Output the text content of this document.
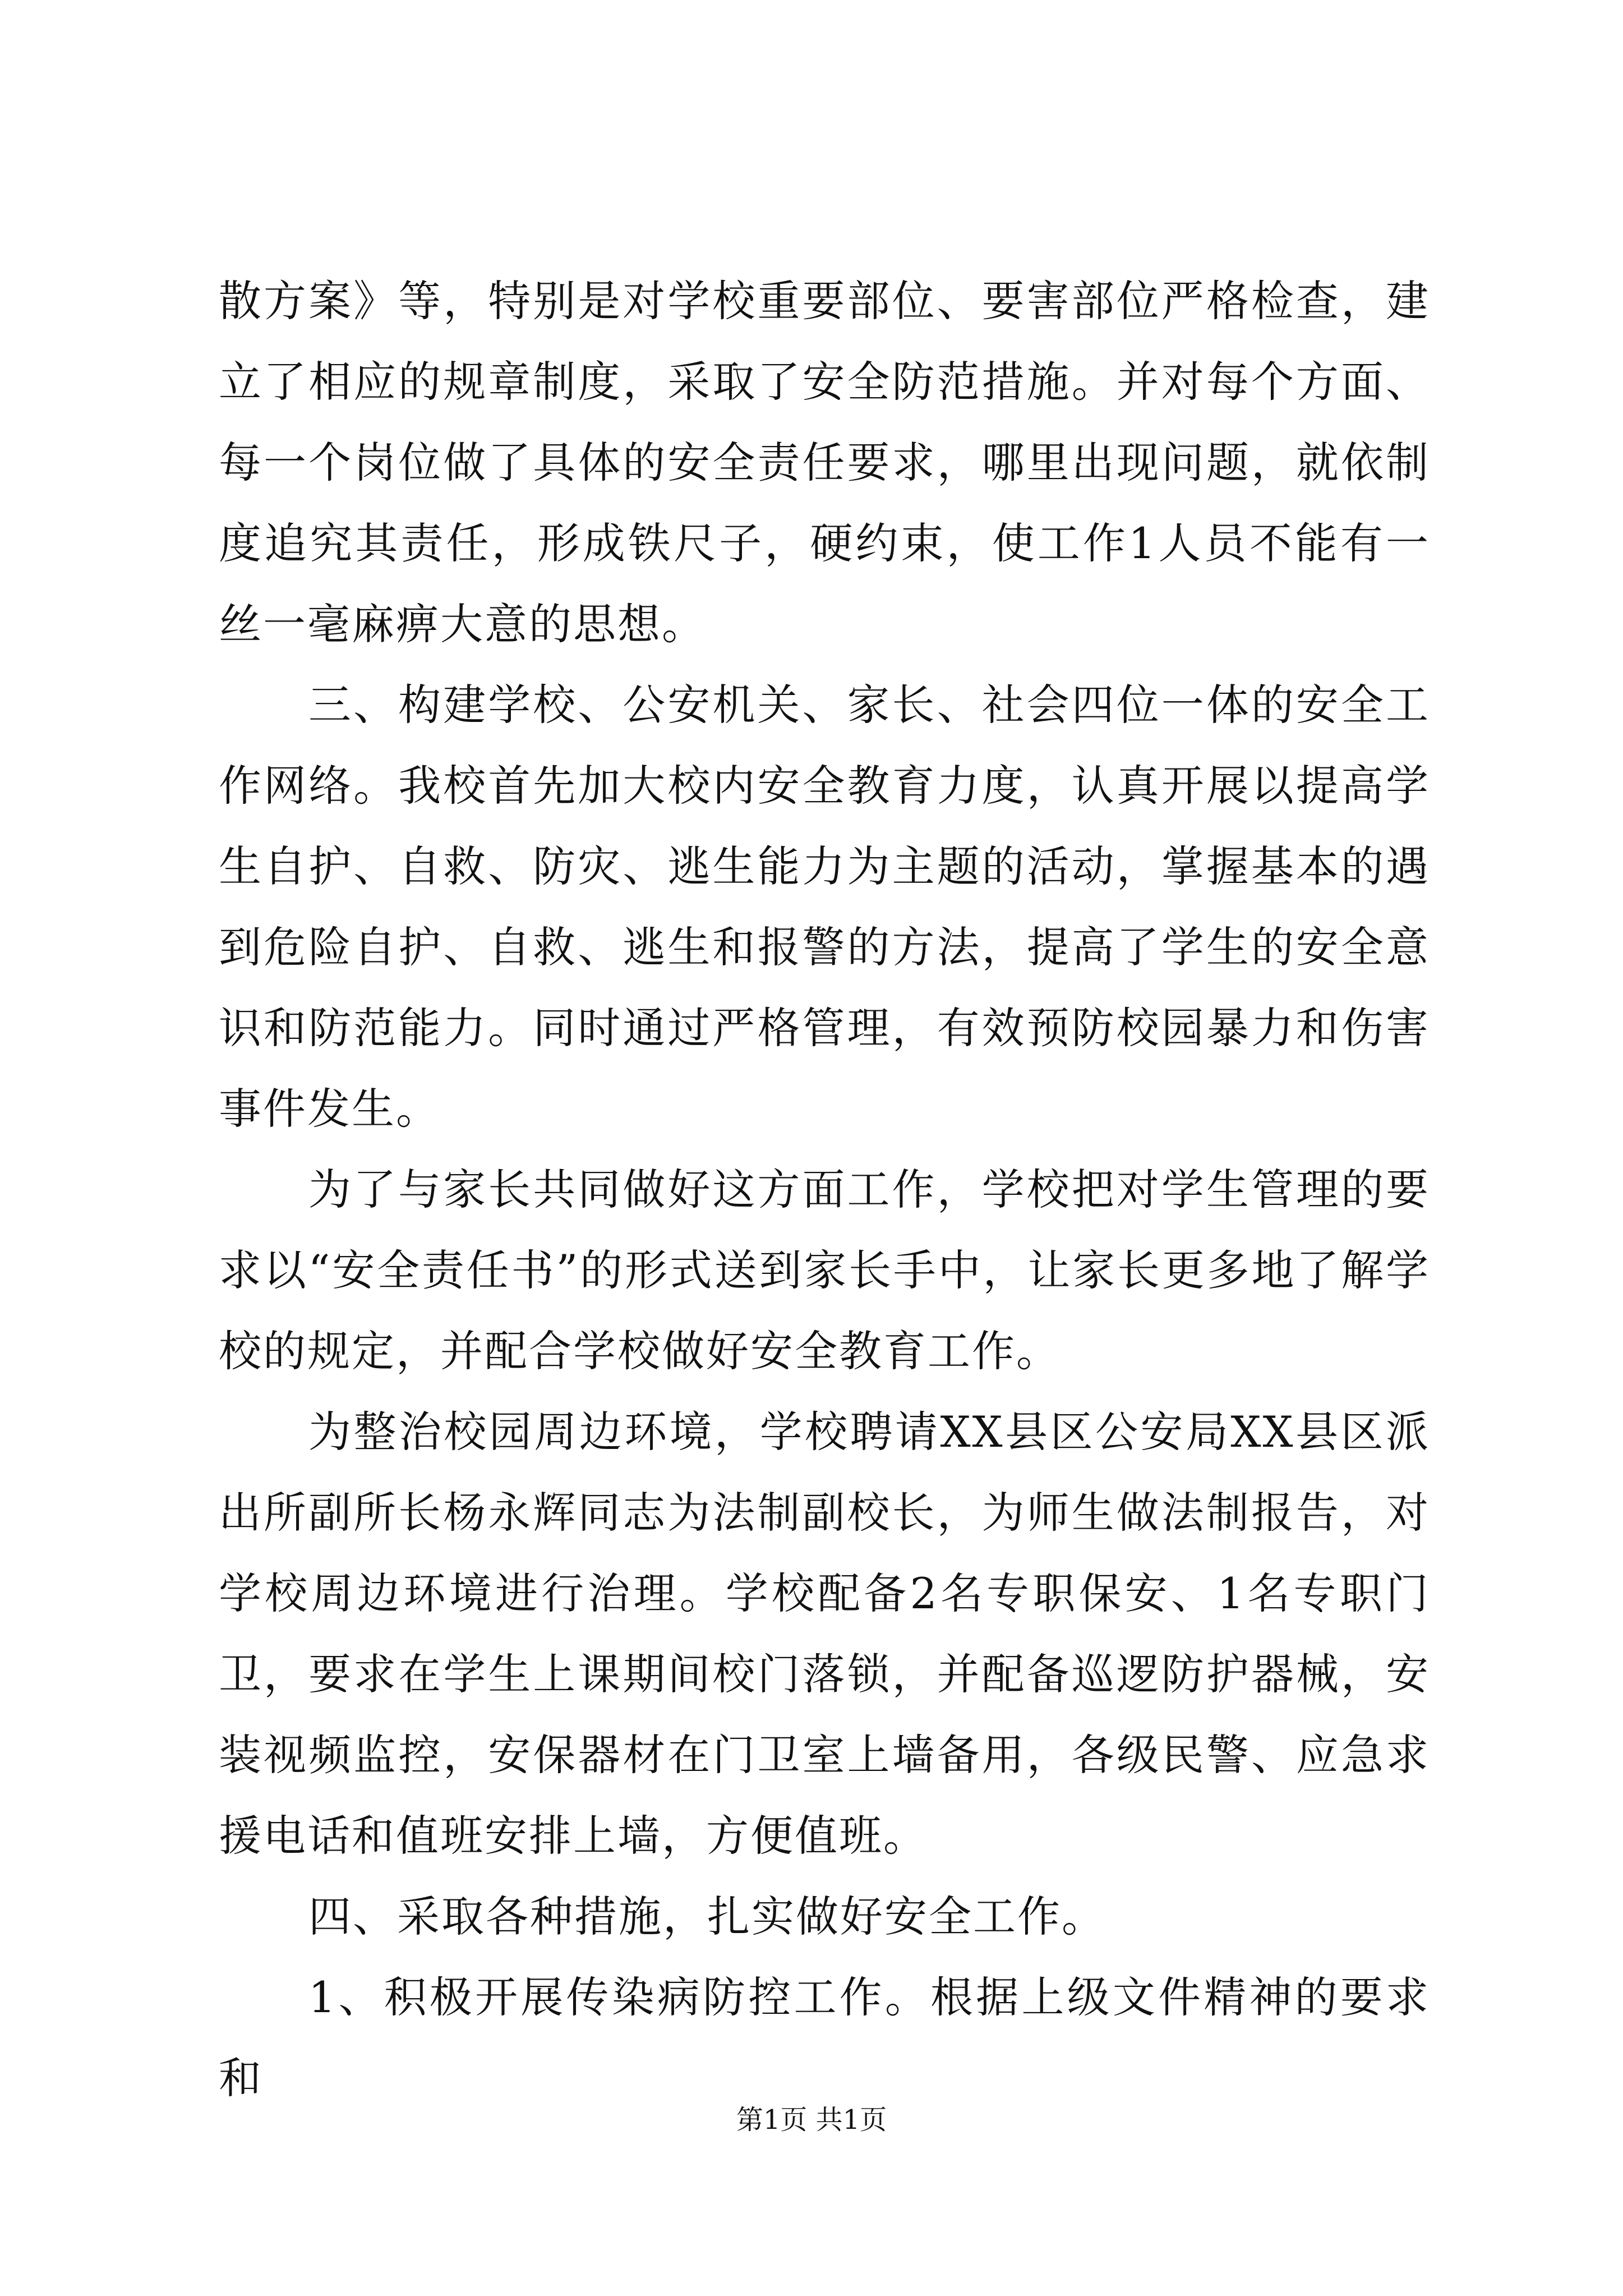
散方案》等，特别是对学校重要部位、要害部位严格检查，建立了相应的规章制度，采取了安全防范措施。并对每个方面、每一个岗位做了具体的安全责任要求，哪里出现问题，就依制度追究其责任，形成铁尺子，硬约束，使工作1人员不能有一丝一毫麻痹大意的思想。

三、构建学校、公安机关、家长、社会四位一体的安全工作网络。我校首先加大校内安全教育力度，认真开展以提高学生自护、自救、防灾、逃生能力为主题的活动，掌握基本的遇到危险自护、自救、逃生和报警的方法，提高了学生的安全意识和防范能力。同时通过严格管理，有效预防校园暴力和伤害事件发生。

为了与家长共同做好这方面工作，学校把对学生管理的要求以“安全责任书”的形式送到家长手中，让家长更多地了解学校的规定，并配合学校做好安全教育工作。

为整治校园周边环境，学校聘请XX县区公安局XX县区派出所副所长杨永辉同志为法制副校长，为师生做法制报告，对学校周边环境进行治理。学校配备2名专职保安、1名专职门卫，要求在学生上课期间校门落锁，并配备巡逻防护器械，安装视频监控，安保器材在门卫室上墙备用，各级民警、应急求援电话和值班安排上墙，方便值班。

四、采取各种措施，扎实做好安全工作。

1、积极开展传染病防控工作。根据上级文件精神的要求和

第1页 共1页
